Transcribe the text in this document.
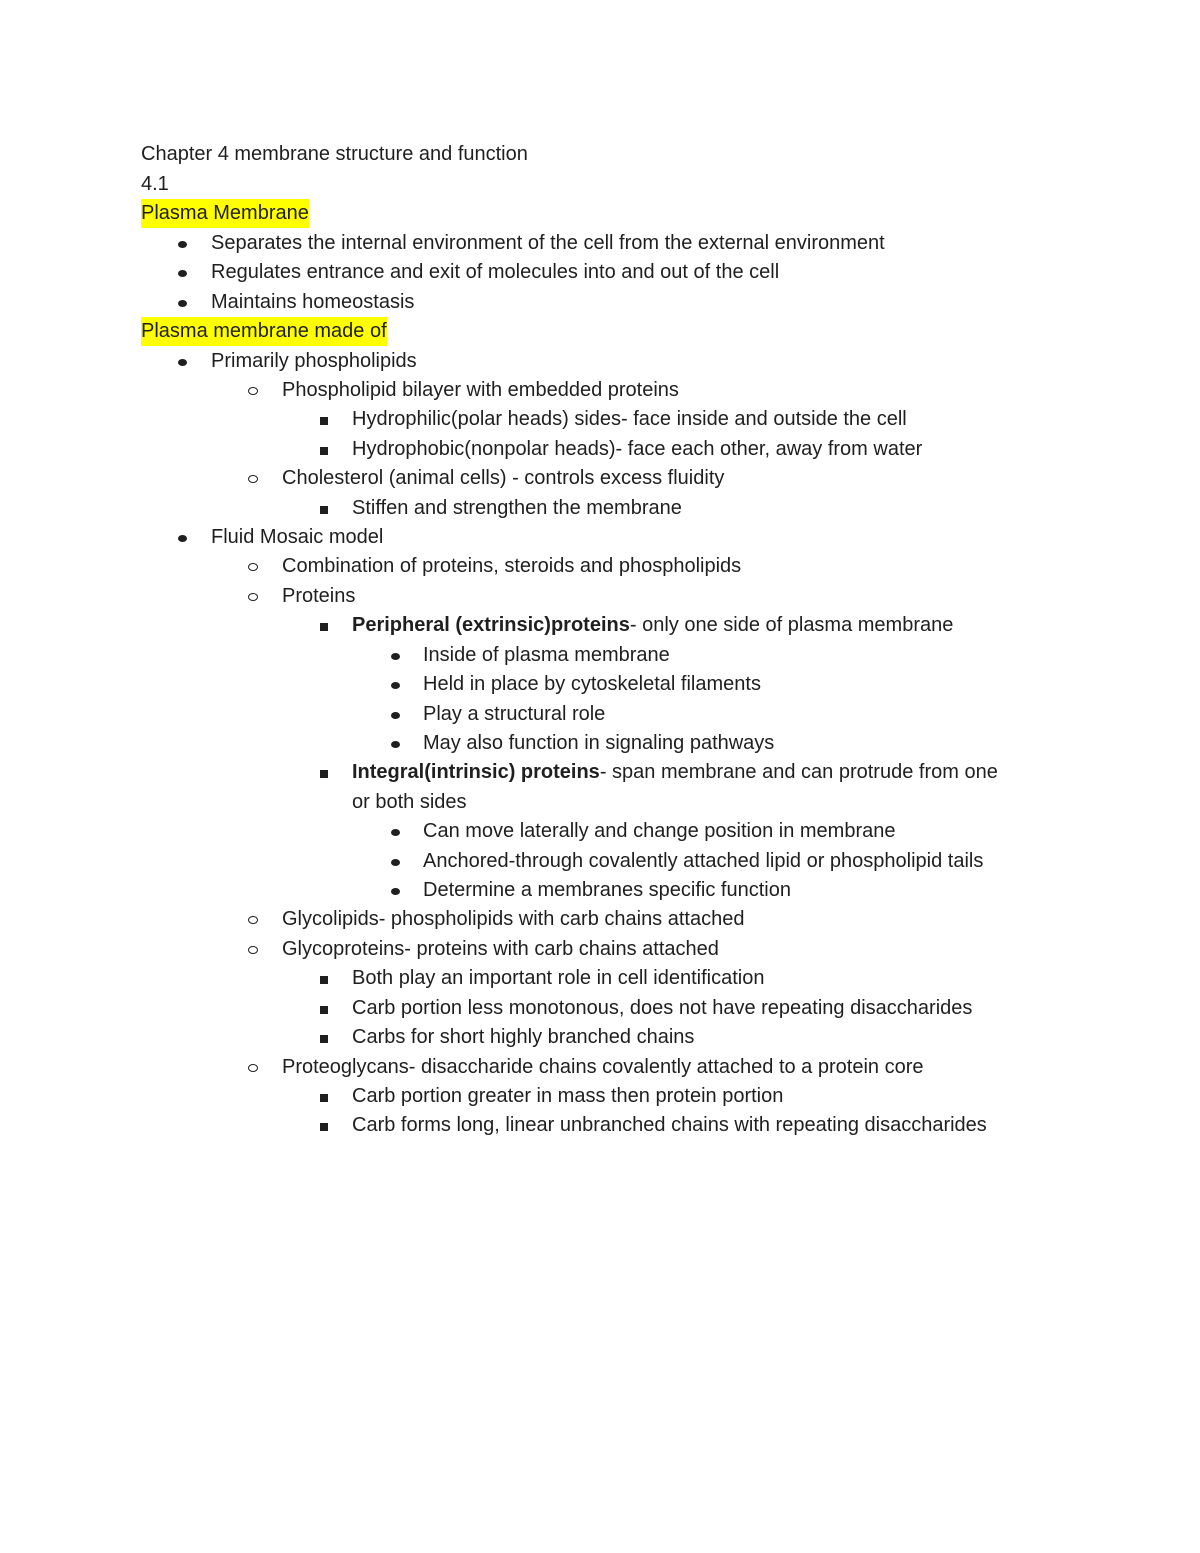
Chapter 4 membrane structure and function
4.1
Plasma Membrane
Separates the internal environment of the cell from the external environment
Regulates entrance and exit of molecules into and out of the cell
Maintains homeostasis
Plasma membrane made of
Primarily phospholipids
Phospholipid bilayer with embedded proteins
Hydrophilic(polar heads) sides- face inside and outside the cell
Hydrophobic(nonpolar heads)- face each other, away from water
Cholesterol (animal cells) - controls excess fluidity
Stiffen and strengthen the membrane
Fluid Mosaic model
Combination of proteins, steroids and phospholipids
Proteins
Peripheral (extrinsic)proteins- only one side of plasma membrane
Inside of plasma membrane
Held in place by cytoskeletal filaments
Play a structural role
May also function in signaling pathways
Integral(intrinsic) proteins- span membrane and can protrude from one
or both sides
Can move laterally and change position in membrane
Anchored-through covalently attached lipid or phospholipid tails
Determine a membranes specific function
Glycolipids- phospholipids with carb chains attached
Glycoproteins- proteins with carb chains attached
Both play an important role in cell identification
Carb portion less monotonous, does not have repeating disaccharides
Carbs for short highly branched chains
Proteoglycans- disaccharide chains covalently attached to a protein core
Carb portion greater in mass then protein portion
Carb forms long, linear unbranched chains with repeating disaccharides
